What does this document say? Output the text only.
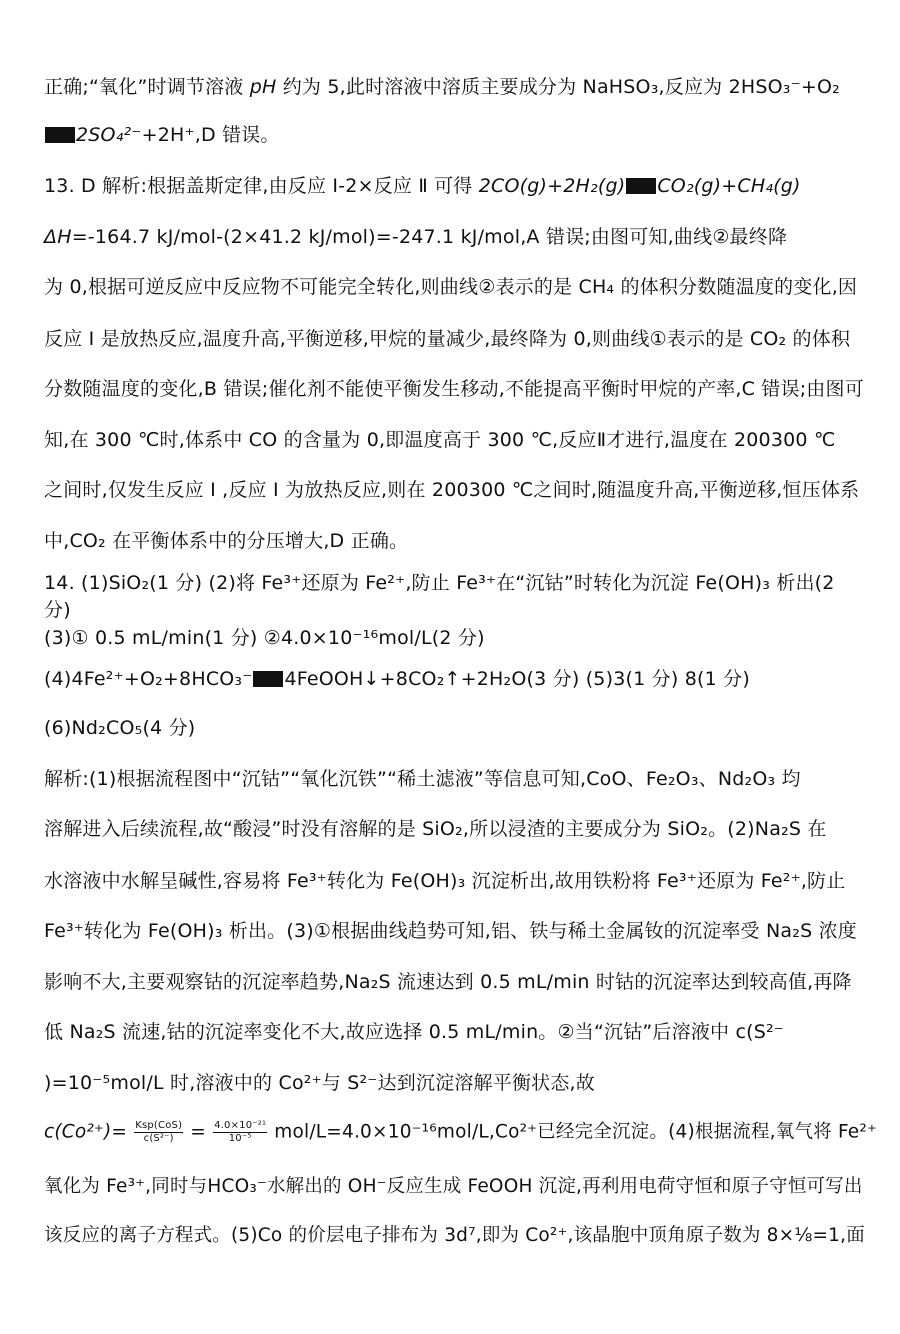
正确;“氧化”时调节溶液 pH 约为 5,此时溶液中溶质主要成分为 NaHSO₃,反应为 2HSO₃⁻+O₂
2SO₄²⁻+2H⁺,D 错误。
13. D 解析:根据盖斯定律,由反应 Ⅰ-2×反应 Ⅱ 可得 2CO(g)+2H₂(g) CO₂(g)+CH₄(g)
ΔH=-164.7 kJ/mol-(2×41.2 kJ/mol)=-247.1 kJ/mol,A 错误;由图可知,曲线②最终降
为 0,根据可逆反应中反应物不可能完全转化,则曲线②表示的是 CH₄ 的体积分数随温度的变化,因
反应 I 是放热反应,温度升高,平衡逆移,甲烷的量减少,最终降为 0,则曲线①表示的是 CO₂ 的体积
分数随温度的变化,B 错误;催化剂不能使平衡发生移动,不能提高平衡时甲烷的产率,C 错误;由图可
知,在 300 ℃时,体系中 CO 的含量为 0,即温度高于 300 ℃,反应Ⅱ才进行,温度在 200300 ℃
之间时,仅发生反应 I ,反应 I 为放热反应,则在 200300 ℃之间时,随温度升高,平衡逆移,恒压体系
中,CO₂ 在平衡体系中的分压增大,D 正确。
14. (1)SiO₂(1 分) (2)将 Fe³⁺还原为 Fe²⁺,防止 Fe³⁺在“沉钴”时转化为沉淀 Fe(OH)₃ 析出(2
分)
(3)① 0.5 mL/min(1 分) ②4.0×10⁻¹⁶mol/L(2 分)
(4)4Fe²⁺+O₂+8HCO₃⁻ 4FeOOH↓+8CO₂↑+2H₂O(3 分) (5)3(1 分) 8(1 分)
(6)Nd₂CO₅(4 分)
解析:(1)根据流程图中“沉钴”“氧化沉铁”“稀土滤液”等信息可知,CoO、Fe₂O₃、Nd₂O₃ 均
溶解进入后续流程,故“酸浸”时没有溶解的是 SiO₂,所以浸渣的主要成分为 SiO₂。(2)Na₂S 在
水溶液中水解呈碱性,容易将 Fe³⁺转化为 Fe(OH)₃ 沉淀析出,故用铁粉将 Fe³⁺还原为 Fe²⁺,防止
Fe³⁺转化为 Fe(OH)₃ 析出。(3)①根据曲线趋势可知,铝、铁与稀土金属钕的沉淀率受 Na₂S 浓度
影响不大,主要观察钴的沉淀率趋势,Na₂S 流速达到 0.5 mL/min 时钴的沉淀率达到较高值,再降
低 Na₂S 流速,钴的沉淀率变化不大,故应选择 0.5 mL/min。②当“沉钴”后溶液中 c(S²⁻
)=10⁻⁵mol/L 时,溶液中的 Co²⁺与 S²⁻达到沉淀溶解平衡状态,故
$c(Co^{2+})= \frac{\text{Ksp(CoS)}}{\text{c(S²⁻)}} = \frac{\text{4.0×10⁻²¹}}{\text{10⁻⁵}} mol/L=4.0\times 10^{-16}mol/L,Co^{2+}$已经完全沉淀。(4)根据流程,氧气将 Fe²⁺
氧化为 Fe³⁺,同时与HCO₃⁻水解出的 OH⁻反应生成 FeOOH 沉淀,再利用电荷守恒和原子守恒可写出
该反应的离子方程式。(5)Co 的价层电子排布为 3d⁷,即为 Co²⁺,该晶胞中顶角原子数为 8×⅛=1,面
